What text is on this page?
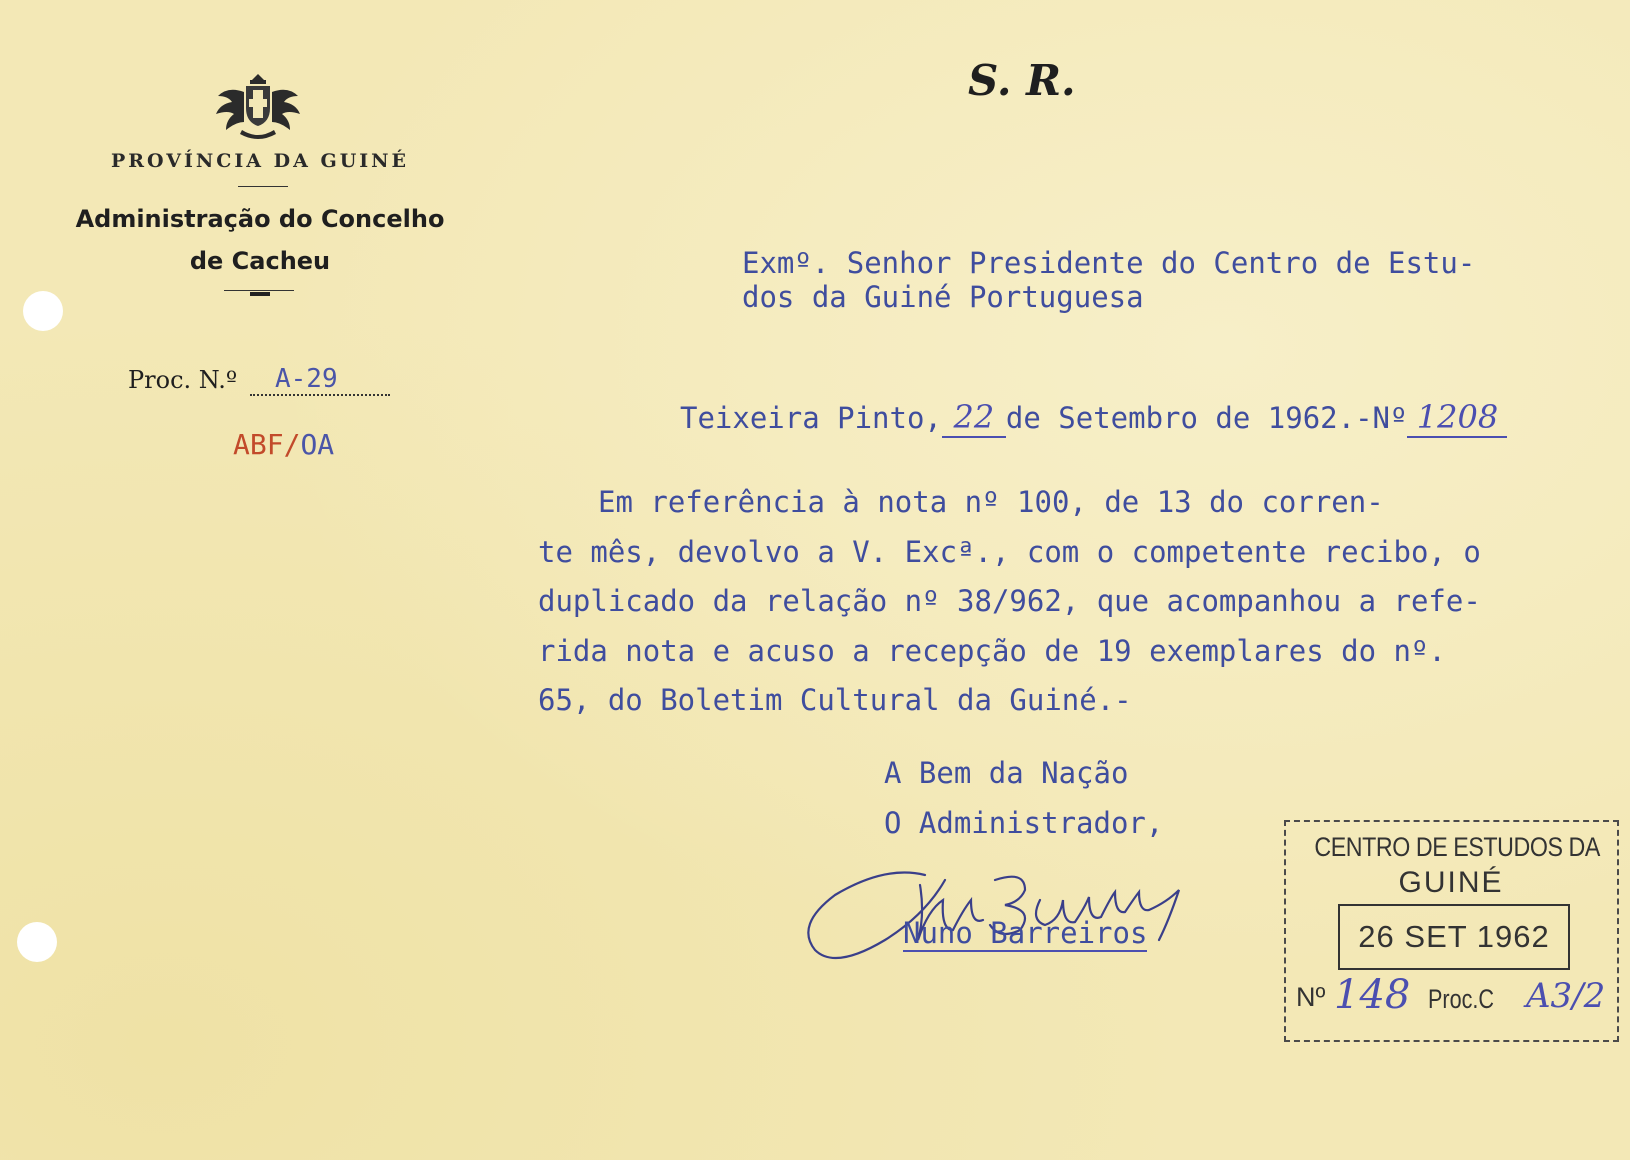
PROVÍNCIA DA GUINÉ
Administração do Concelho
de Cacheu
Proc. N.º	A-29
ABF/OA
S. R.
Exmº. Senhor Presidente do Centro de Estu-
dos da Guiné Portuguesa
Teixeira Pinto, 22 de Setembro de 1962.-Nº 1208
Em referência à nota nº 100, de 13 do corren-
te mês, devolvo a V. Excª., com o competente recibo, o
duplicado da relação nº 38/962, que acompanhou a refe-
rida nota e acuso a recepção de 19 exemplares do nº.
65, do Boletim Cultural da Guiné.-
A Bem da Nação
O Administrador,
Nuno Barreiros
CENTRO DE ESTUDOS DA
GUINÉ
26 SET 1962
Nº 148 Proc.C A3/2
